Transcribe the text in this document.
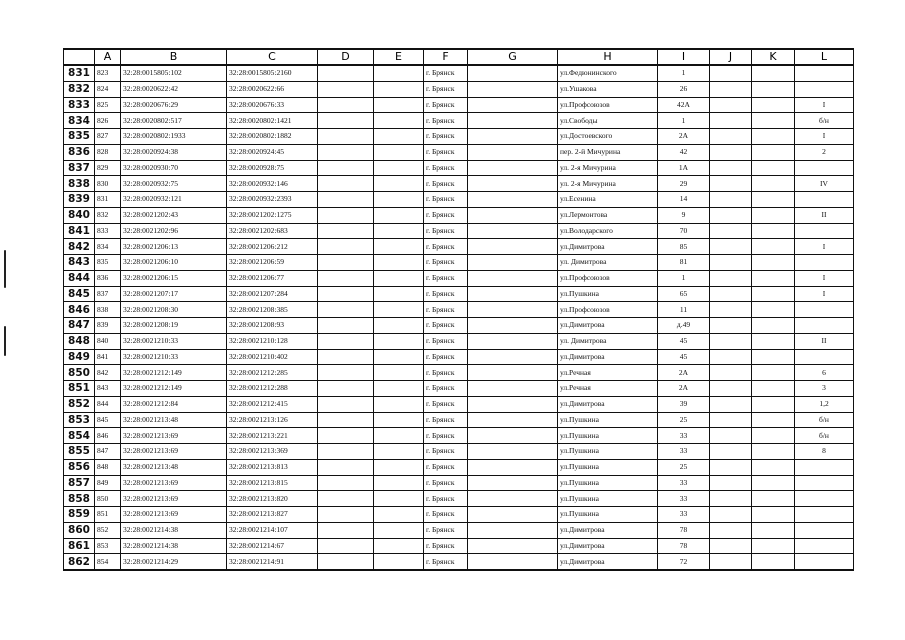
	A	B	C	D	E	F	G	H	I	J	K	L
831	823	32:28:0015805:102	32:28:0015805:2160			г. Брянск		ул.Федюнинского	1			
832	824	32:28:0020622:42	32:28:0020622:66			г. Брянск		ул.Ушакова	26			
833	825	32:28:0020676:29	32:28:0020676:33			г. Брянск		ул.Профсоюзов	42А			I
834	826	32:28:0020802:517	32:28:0020802:1421			г. Брянск		ул.Свободы	1			б/н
835	827	32:28:0020802:1933	32:28:0020802:1882			г. Брянск		ул.Достоевского	2А			I
836	828	32:28:0020924:38	32:28:0020924:45			г. Брянск		пер. 2-й Мичурина	42			2
837	829	32:28:0020930:70	32:28:0020928:75			г. Брянск		ул. 2-я Мичурина	1А			
838	830	32:28:0020932:75	32:28:0020932:146			г. Брянск		ул. 2-я Мичурина	29			IV
839	831	32:28:0020932:121	32:28:0020932:2393			г. Брянск		ул.Есенина	14			
840	832	32:28:0021202:43	32:28:0021202:1275			г. Брянск		ул.Лермонтова	9			II
841	833	32:28:0021202:96	32:28:0021202:683			г. Брянск		ул.Володарского	70			
842	834	32:28:0021206:13	32:28:0021206:212			г. Брянск		ул.Димитрова	85			I
843	835	32:28:0021206:10	32:28:0021206:59			г. Брянск		ул. Димитрова	81			
844	836	32:28:0021206:15	32:28:0021206:77			г. Брянск		ул.Профсоюзов	1			I
845	837	32:28:0021207:17	32:28:0021207:284			г. Брянск		ул.Пушкина	65			I
846	838	32:28:0021208:30	32:28:0021208:385			г. Брянск		ул.Профсоюзов	11			
847	839	32:28:0021208:19	32:28:0021208:93			г. Брянск		ул.Димитрова	д.49			
848	840	32:28:0021210:33	32:28:0021210:128			г. Брянск		ул. Димитрова	45			II
849	841	32:28:0021210:33	32:28:0021210:402			г. Брянск		ул.Димитрова	45			
850	842	32:28:0021212:149	32:28:0021212:285			г. Брянск		ул.Речная	2А			6
851	843	32:28:0021212:149	32:28:0021212:288			г. Брянск		ул.Речная	2А			3
852	844	32:28:0021212:84	32:28:0021212:415			г. Брянск		ул.Димитрова	39			1,2
853	845	32:28:0021213:48	32:28:0021213:126			г. Брянск		ул.Пушкина	25			б/н
854	846	32:28:0021213:69	32:28:0021213:221			г. Брянск		ул.Пушкина	33			б/н
855	847	32:28:0021213:69	32:28:0021213:369			г. Брянск		ул.Пушкина	33			8
856	848	32:28:0021213:48	32:28:0021213:813			г. Брянск		ул.Пушкина	25			
857	849	32:28:0021213:69	32:28:0021213:815			г. Брянск		ул.Пушкина	33			
858	850	32:28:0021213:69	32:28:0021213:820			г. Брянск		ул.Пушкина	33			
859	851	32:28:0021213:69	32:28:0021213:827			г. Брянск		ул.Пушкина	33			
860	852	32:28:0021214:38	32:28:0021214:107			г. Брянск		ул.Димитрова	78			
861	853	32:28:0021214:38	32:28:0021214:67			г. Брянск		ул.Димитрова	78			
862	854	32:28:0021214:29	32:28:0021214:91			г. Брянск		ул.Димитрова	72			
